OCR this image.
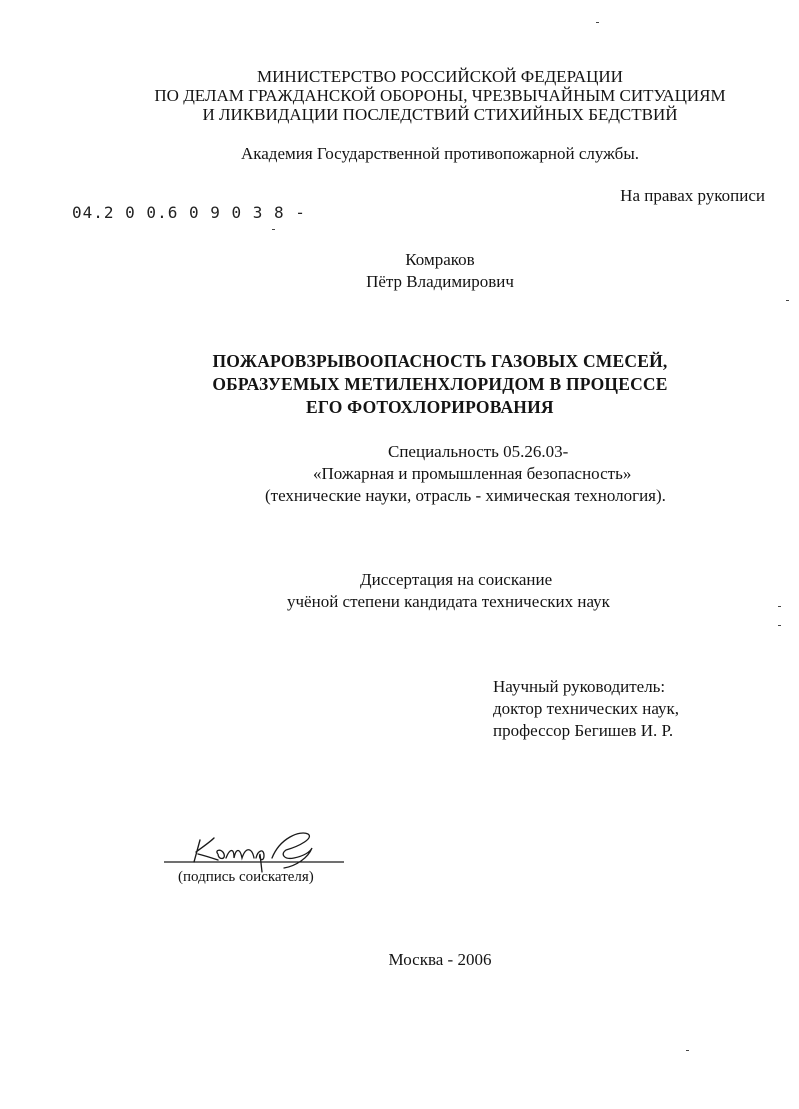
МИНИСТЕРСТВО РОССИЙСКОЙ ФЕДЕРАЦИИ
ПО ДЕЛАМ ГРАЖДАНСКОЙ ОБОРОНЫ, ЧРЕЗВЫЧАЙНЫМ СИТУАЦИЯМ
И ЛИКВИДАЦИИ ПОСЛЕДСТВИЙ СТИХИЙНЫХ БЕДСТВИЙ
Академия Государственной противопожарной службы.
На правах рукописи
04.2 0 0.6 0 9 0 3 8 -
Комраков
Пётр Владимирович
ПОЖАРОВЗРЫВООПАСНОСТЬ ГАЗОВЫХ СМЕСЕЙ,
ОБРАЗУЕМЫХ МЕТИЛЕНХЛОРИДОМ В ПРОЦЕССЕ
ЕГО ФОТОХЛОРИРОВАНИЯ
Специальность 05.26.03-
«Пожарная и промышленная безопасность»
(технические науки, отрасль - химическая технология).
Диссертация на соискание
учёной степени кандидата технических наук
Научный руководитель:
доктор технических наук,
профессор Бегишев И. Р.
(подпись соискателя)
Москва - 2006
